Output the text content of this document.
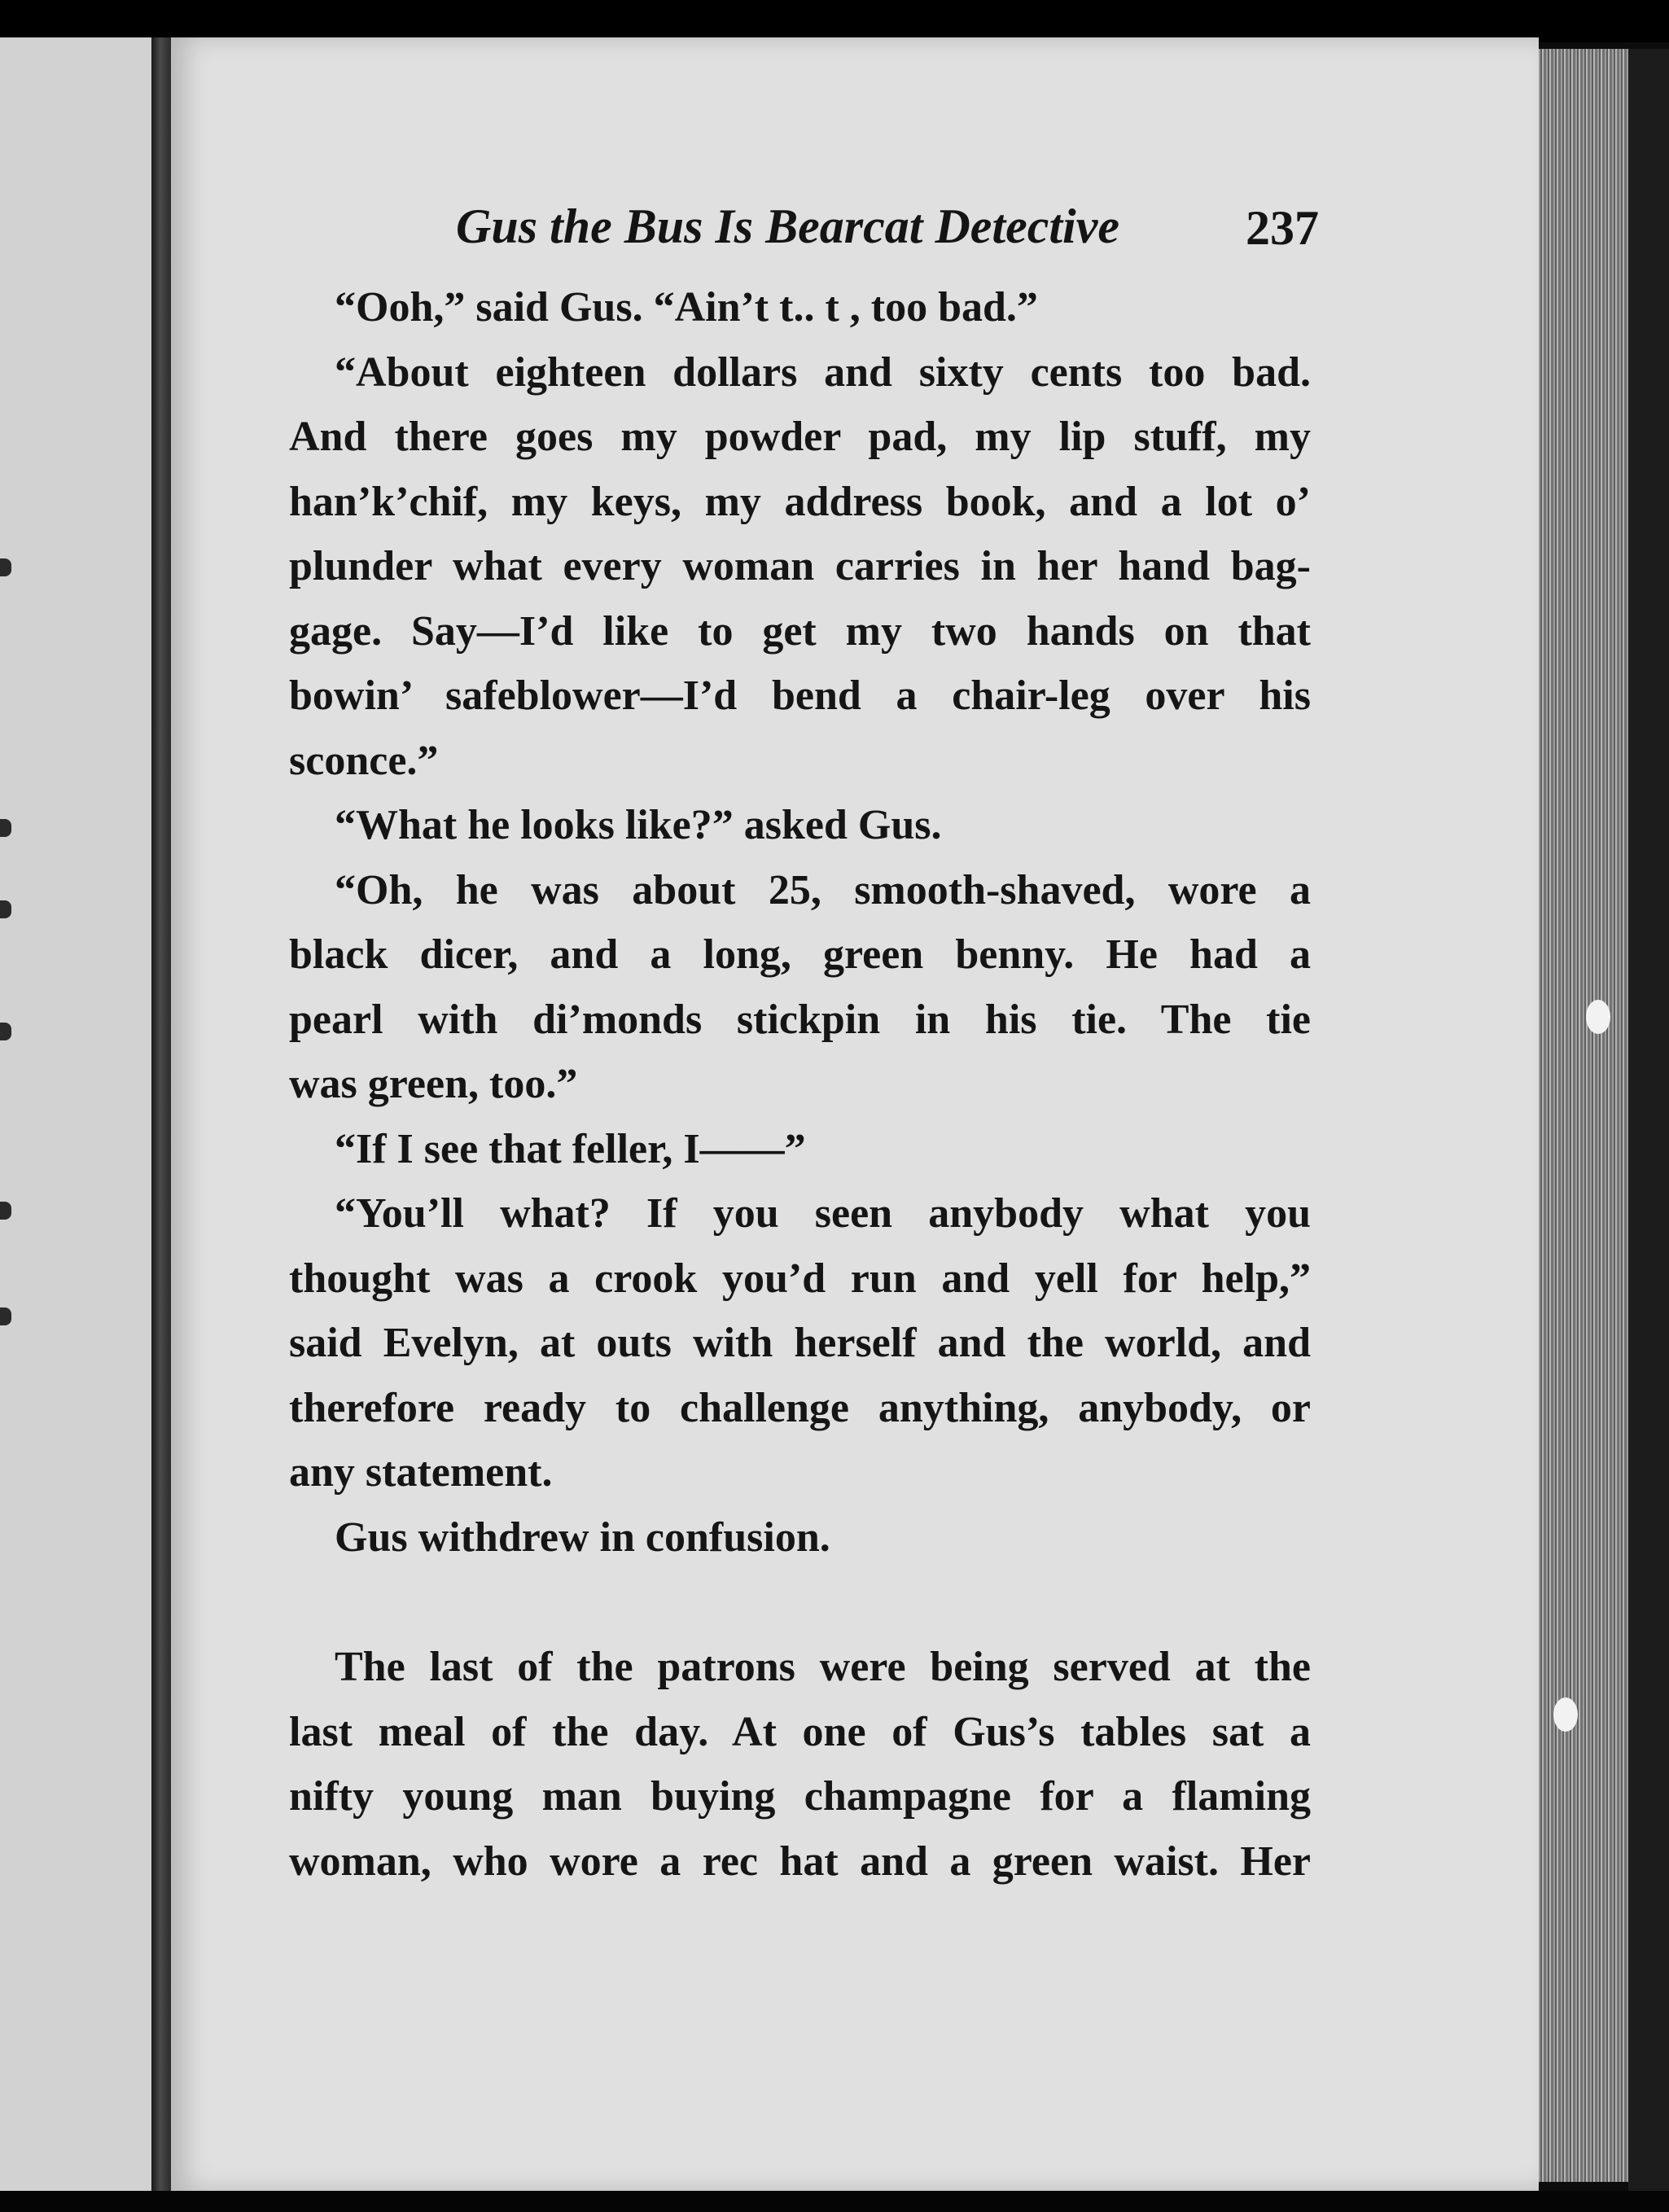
Gus the Bus Is Bearcat Detective	237
“Ooh,” said Gus. “Ain’t t.. t , too bad.”
“About eighteen dollars and sixty cents too bad.
And there goes my powder pad, my lip stuff, my
han’k’chif, my keys, my address book, and a lot o’
plunder what every woman carries in her hand bag-
gage. Say—I’d like to get my two hands on that
bowin’ safeblower—I’d bend a chair-leg over his
sconce.”
“What he looks like?” asked Gus.
“Oh, he was about 25, smooth-shaved, wore a
black dicer, and a long, green benny. He had a
pearl with di’monds stickpin in his tie. The tie
was green, too.”
“If I see that feller, I——”
“You’ll what? If you seen anybody what you
thought was a crook you’d run and yell for help,”
said Evelyn, at outs with herself and the world, and
therefore ready to challenge anything, anybody, or
any statement.
Gus withdrew in confusion.
The last of the patrons were being served at the
last meal of the day. At one of Gus’s tables sat a
nifty young man buying champagne for a flaming
woman, who wore a rec hat and a green waist. Her
